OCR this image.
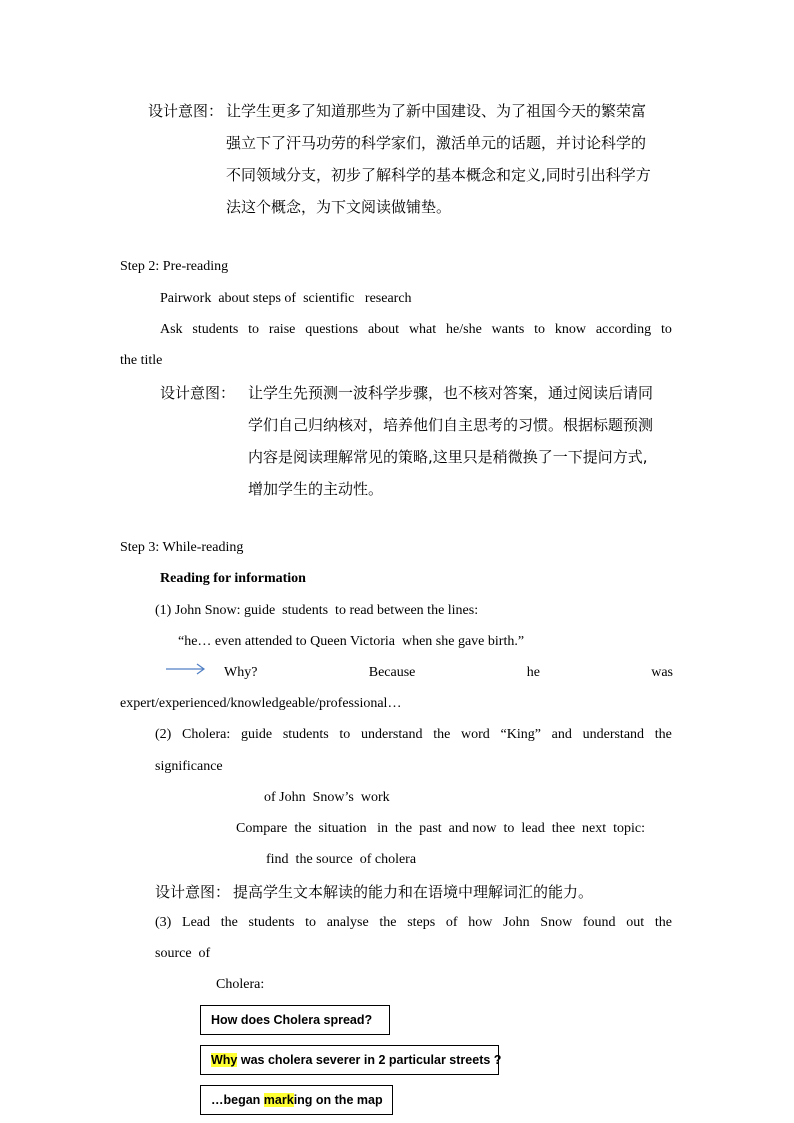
设计意图： 让学生更多了知道那些为了新中国建设、为了祖国今天的繁荣富
强立下了汗马功劳的科学家们，激活单元的话题，并讨论科学的
不同领域分支，初步了解科学的基本概念和定义,同时引出科学方
法这个概念，为下文阅读做铺垫。
Step 2: Pre-reading
Pairwork  about steps of  scientific   research
Ask students to raise questions about what he/she wants to know according to
the title
设计意图： 让学生先预测一波科学步骤，也不核对答案，通过阅读后请同
学们自己归纳核对，培养他们自主思考的习惯。根据标题预测
内容是阅读理解常见的策略,这里只是稍微换了一下提问方式,
增加学生的主动性。
Step 3: While-reading
Reading for information
(1) John Snow: guide  students  to read between the lines:
“he… even attended to Queen Victoria  when she gave birth.”
Why?	Because	he	was
expert/experienced/knowledgeable/professional…
(2) Cholera: guide students to understand the word “King” and understand the
significance
of John  Snow’s  work
Compare  the  situation   in  the  past  and now  to  lead  thee  next  topic:
find  the source  of cholera
设计意图： 提高学生文本解读的能力和在语境中理解词汇的能力。
(3) Lead the students to analyse the steps of how John Snow found out the
source  of
Cholera:
How does Cholera spread?
Why was cholera severer in 2 particular streets ?
…began mark ing on the map
